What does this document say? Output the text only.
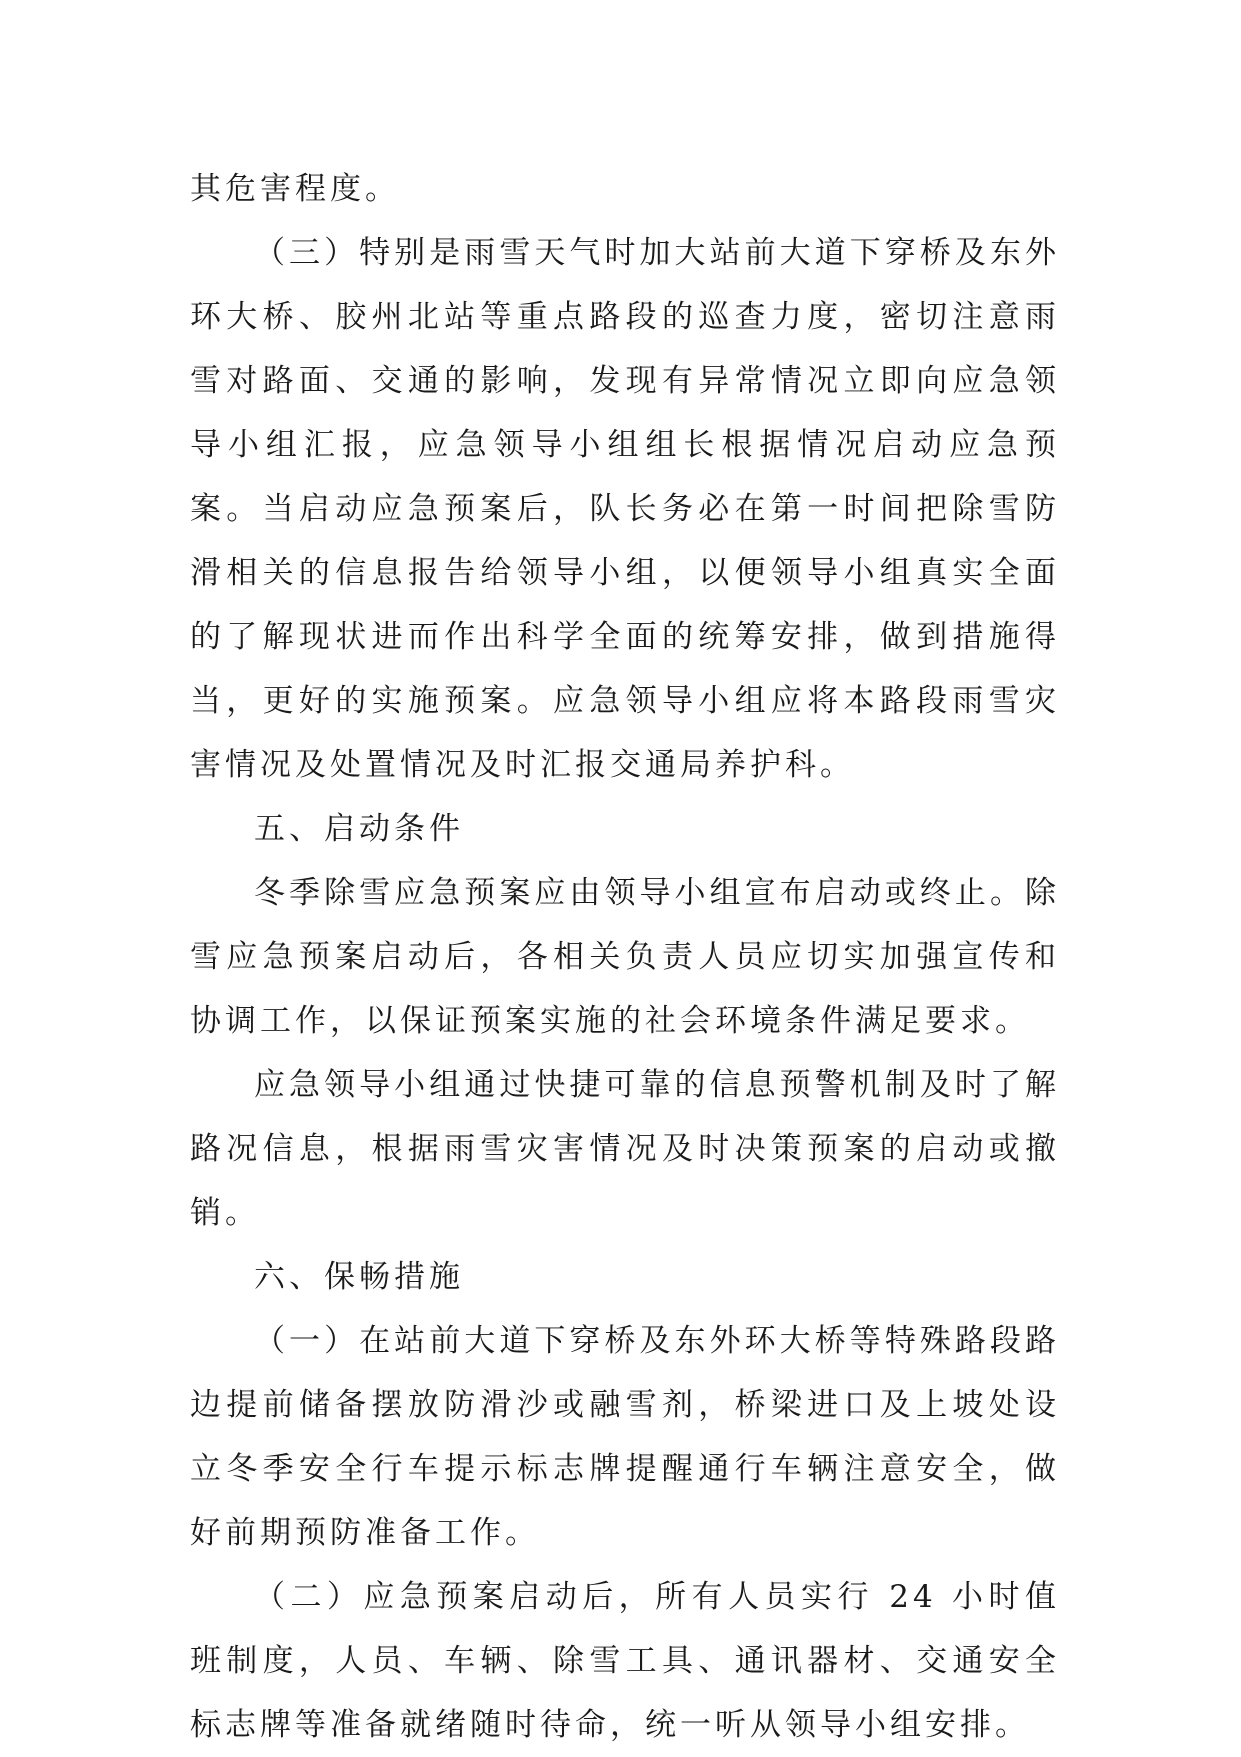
其危害程度。

（三）特别是雨雪天气时加大站前大道下穿桥及东外环大桥、胶州北站等重点路段的巡查力度，密切注意雨雪对路面、交通的影响，发现有异常情况立即向应急领导小组汇报，应急领导小组组长根据情况启动应急预案。当启动应急预案后，队长务必在第一时间把除雪防滑相关的信息报告给领导小组，以便领导小组真实全面的了解现状进而作出科学全面的统筹安排，做到措施得当，更好的实施预案。应急领导小组应将本路段雨雪灾害情况及处置情况及时汇报交通局养护科。

五、启动条件

冬季除雪应急预案应由领导小组宣布启动或终止。除雪应急预案启动后，各相关负责人员应切实加强宣传和协调工作，以保证预案实施的社会环境条件满足要求。

应急领导小组通过快捷可靠的信息预警机制及时了解路况信息，根据雨雪灾害情况及时决策预案的启动或撤销。

六、保畅措施

（一）在站前大道下穿桥及东外环大桥等特殊路段路边提前储备摆放防滑沙或融雪剂，桥梁进口及上坡处设立冬季安全行车提示标志牌提醒通行车辆注意安全，做好前期预防准备工作。

（二）应急预案启动后，所有人员实行 24 小时值班制度，人员、车辆、除雪工具、通讯器材、交通安全标志牌等准备就绪随时待命，统一听从领导小组安排。
